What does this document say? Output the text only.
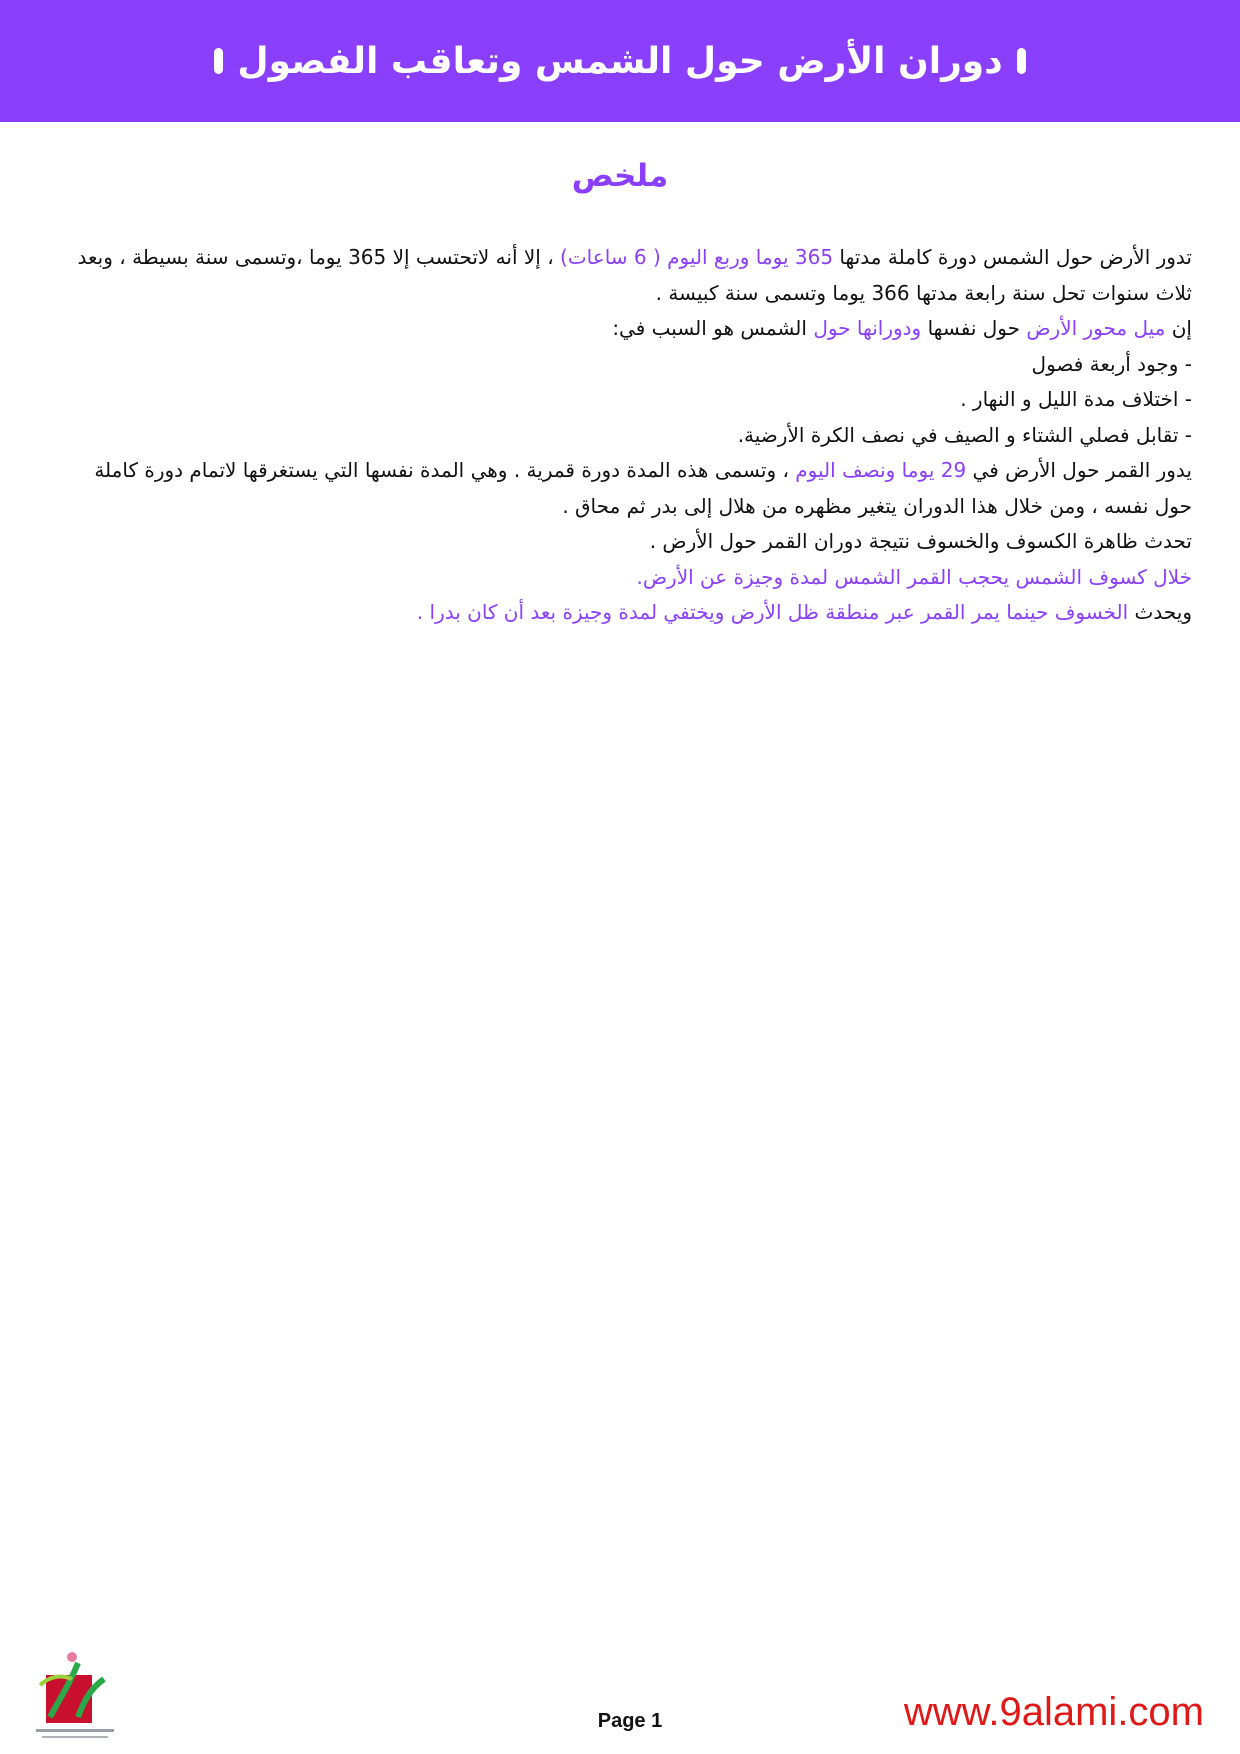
دوران الأرض حول الشمس وتعاقب الفصول
ملخص

تدور الأرض حول الشمس دورة كاملة مدتها 365 يوما وربع اليوم ( 6 ساعات) ، إلا أنه لاتحتسب إلا 365 يوما ،وتسمى سنة بسيطة ، وبعد ثلاث سنوات تحل سنة رابعة مدتها 366 يوما وتسمى سنة كبيسة .

إن ميل محور الأرض حول نفسها ودورانها حول الشمس هو السبب في:

- وجود أربعة فصول

- اختلاف مدة الليل و النهار .

- تقابل فصلي الشتاء و الصيف في نصف الكرة الأرضية.

يدور القمر حول الأرض في 29 يوما ونصف اليوم ، وتسمى هذه المدة دورة قمرية . وهي المدة نفسها التي يستغرقها لاتمام دورة كاملة حول نفسه ، ومن خلال هذا الدوران يتغير مظهره من هلال إلى بدر ثم محاق .

تحدث ظاهرة الكسوف والخسوف نتيجة دوران القمر حول الأرض .

خلال كسوف الشمس يحجب القمر الشمس لمدة وجيزة عن الأرض.

ويحدث الخسوف حينما يمر القمر عبر منطقة ظل الأرض ويختفي لمدة وجيزة بعد أن كان بدرا .

Page 1	www.9alami.com
